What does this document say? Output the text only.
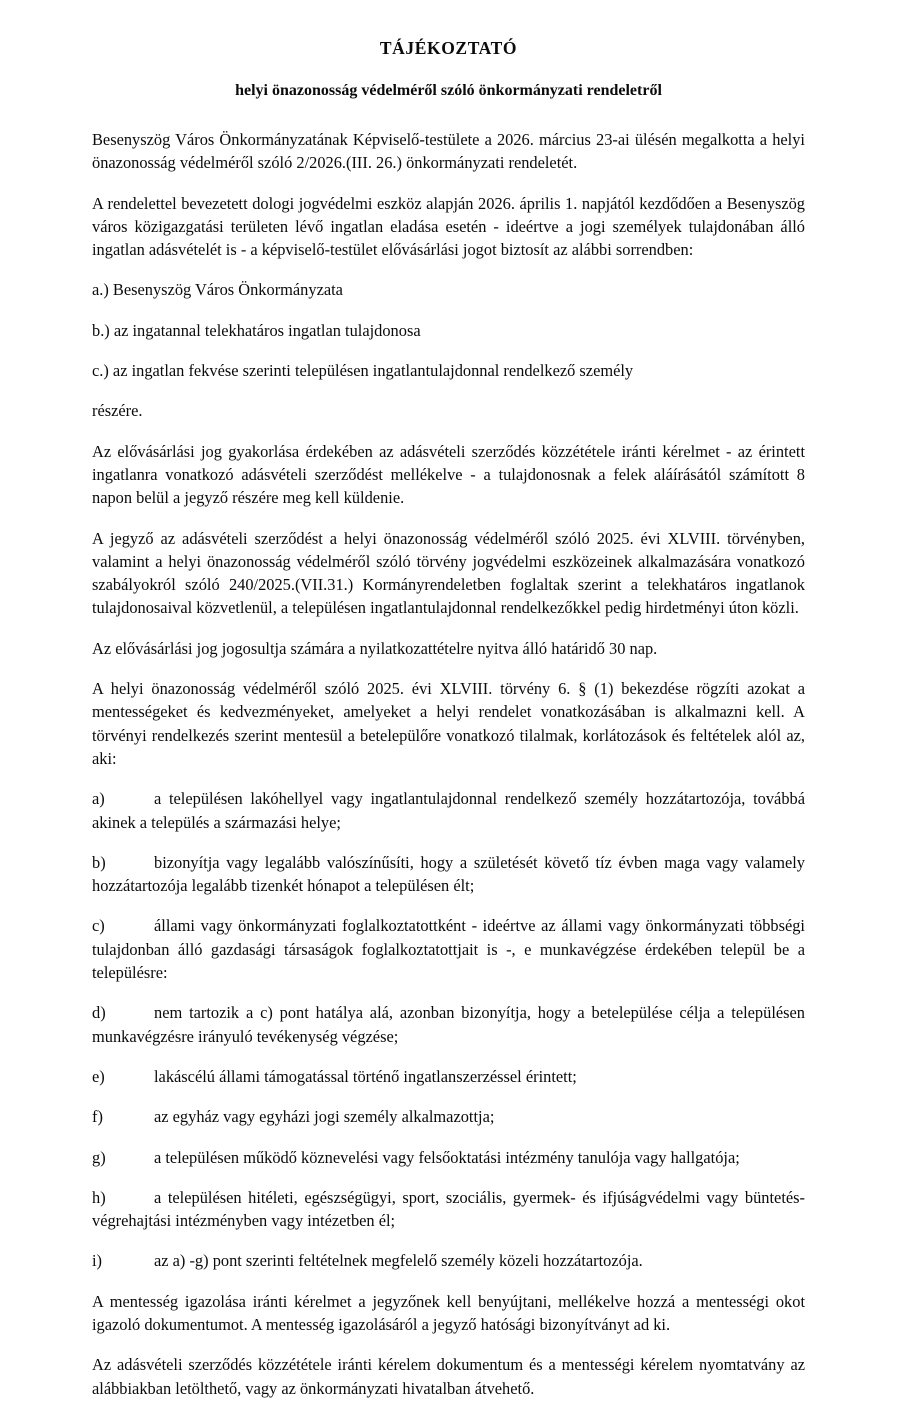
TÁJÉKOZTATÓ
helyi önazonosság védelméről szóló önkormányzati rendeletről

Besenyszög Város Önkormányzatának Képviselő-testülete a 2026. március 23-ai ülésén megalkotta a helyi önazonosság védelméről szóló 2/2026.(III. 26.) önkormányzati rendeletét.

A rendelettel bevezetett dologi jogvédelmi eszköz alapján 2026. április 1. napjától kezdődően a Besenyszög város közigazgatási területen lévő ingatlan eladása esetén - ideértve a jogi személyek tulajdonában álló ingatlan adásvételét is - a képviselő-testület elővásárlási jogot biztosít az alábbi sorrendben:

a.) Besenyszög Város Önkormányzata

b.) az ingatannal telekhatáros ingatlan tulajdonosa

c.) az ingatlan fekvése szerinti településen ingatlantulajdonnal rendelkező személy

részére.

Az elővásárlási jog gyakorlása érdekében az adásvételi szerződés közzététele iránti kérelmet - az érintett ingatlanra vonatkozó adásvételi szerződést mellékelve - a tulajdonosnak a felek aláírásától számított 8 napon belül a jegyző részére meg kell küldenie.

A jegyző az adásvételi szerződést a helyi önazonosság védelméről szóló 2025. évi XLVIII. törvényben, valamint a helyi önazonosság védelméről szóló törvény jogvédelmi eszközeinek alkalmazására vonatkozó szabályokról szóló 240/2025.(VII.31.) Kormányrendeletben foglaltak szerint a telekhatáros ingatlanok tulajdonosaival közvetlenül, a településen ingatlantulajdonnal rendelkezőkkel pedig hirdetményi úton közli.

Az elővásárlási jog jogosultja számára a nyilatkozattételre nyitva álló határidő 30 nap.

A helyi önazonosság védelméről szóló 2025. évi XLVIII. törvény 6. § (1) bekezdése rögzíti azokat a mentességeket és kedvezményeket, amelyeket a helyi rendelet vonatkozásában is alkalmazni kell. A törvényi rendelkezés szerint mentesül a betelepülőre vonatkozó tilalmak, korlátozások és feltételek alól az, aki:

a)	a településen lakóhellyel vagy ingatlantulajdonnal rendelkező személy hozzátartozója, továbbá akinek a település a származási helye;

b)	bizonyítja vagy legalább valószínűsíti, hogy a születését követő tíz évben maga vagy valamely hozzátartozója legalább tizenkét hónapot a településen élt;

c)	állami vagy önkormányzati foglalkoztatottként - ideértve az állami vagy önkormányzati többségi tulajdonban álló gazdasági társaságok foglalkoztatottjait is -, e munkavégzése érdekében települ be a településre:

d)	nem tartozik a c) pont hatálya alá, azonban bizonyítja, hogy a betelepülése célja a településen munkavégzésre irányuló tevékenység végzése;

e)	lakáscélú állami támogatással történő ingatlanszerzéssel érintett;

f)	az egyház vagy egyházi jogi személy alkalmazottja;

g)	a településen működő köznevelési vagy felsőoktatási intézmény tanulója vagy hallgatója;

h)	a településen hitéleti, egészségügyi, sport, szociális, gyermek- és ifjúságvédelmi vagy büntetés-végrehajtási intézményben vagy intézetben él;

i)	az a) -g) pont szerinti feltételnek megfelelő személy közeli hozzátartozója.

A mentesség igazolása iránti kérelmet a jegyzőnek kell benyújtani, mellékelve hozzá a mentességi okot igazoló dokumentumot. A mentesség igazolásáról a jegyző hatósági bizonyítványt ad ki.

Az adásvételi szerződés közzététele iránti kérelem dokumentum és a mentességi kérelem nyomtatvány az alábbiakban letölthető, vagy az önkormányzati hivatalban átvehető.
